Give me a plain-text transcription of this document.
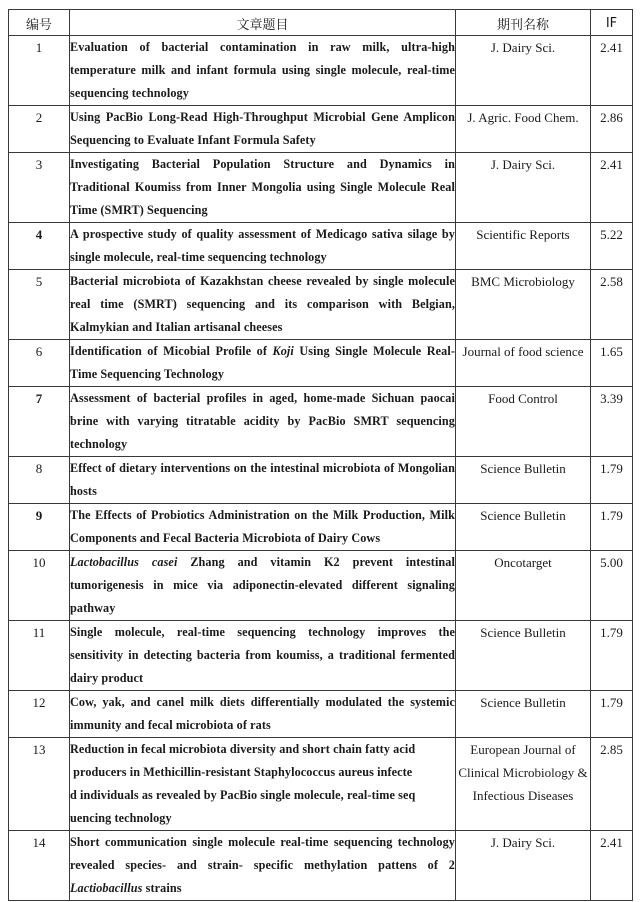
编号	文章题目	期刊名称	IF
1	Evaluation of bacterial contamination in raw milk, ultra-high temperature milk and infant formula using single molecule, real-time sequencing technology	J. Dairy Sci.	2.41
2	Using PacBio Long-Read High-Throughput Microbial Gene Amplicon Sequencing to Evaluate Infant Formula Safety	J. Agric. Food Chem.	2.86
3	Investigating Bacterial Population Structure and Dynamics in Traditional Koumiss from Inner Mongolia using Single Molecule Real Time (SMRT) Sequencing	J. Dairy Sci.	2.41
4	A prospective study of quality assessment of Medicago sativa silage by single molecule, real-time sequencing technology	Scientific Reports	5.22
5	Bacterial microbiota of Kazakhstan cheese revealed by single molecule real time (SMRT) sequencing and its comparison with Belgian, Kalmykian and Italian artisanal cheeses	BMC Microbiology	2.58
6	Identification of Micobial Profile of Koji Using Single Molecule Real-Time Sequencing Technology	Journal of food science	1.65
7	Assessment of bacterial profiles in aged, home-made Sichuan paocai brine with varying titratable acidity by PacBio SMRT sequencing technology	Food Control	3.39
8	Effect of dietary interventions on the intestinal microbiota of Mongolian hosts	Science Bulletin	1.79
9	The Effects of Probiotics Administration on the Milk Production, Milk Components and Fecal Bacteria Microbiota of Dairy Cows	Science Bulletin	1.79
10	Lactobacillus casei Zhang and vitamin K2 prevent intestinal tumorigenesis in mice via adiponectin-elevated different signaling pathway	Oncotarget	5.00
11	Single molecule, real-time sequencing technology improves the sensitivity in detecting bacteria from koumiss, a traditional fermented dairy product	Science Bulletin	1.79
12	Cow, yak, and canel milk diets differentially modulated the systemic immunity and fecal microbiota of rats	Science Bulletin	1.79
13	Reduction in fecal microbiota diversity and short chain fatty acid
producers in Methicillin-resistant Staphylococcus aureus infecte
d individuals as revealed by PacBio single molecule, real-time seq
uencing technology	European Journal of Clinical Microbiology & Infectious Diseases	2.85
14	Short communication single molecule real-time sequencing technology revealed species- and strain- specific methylation pattens of 2 Lactiobacillus strains	J. Dairy Sci.	2.41
